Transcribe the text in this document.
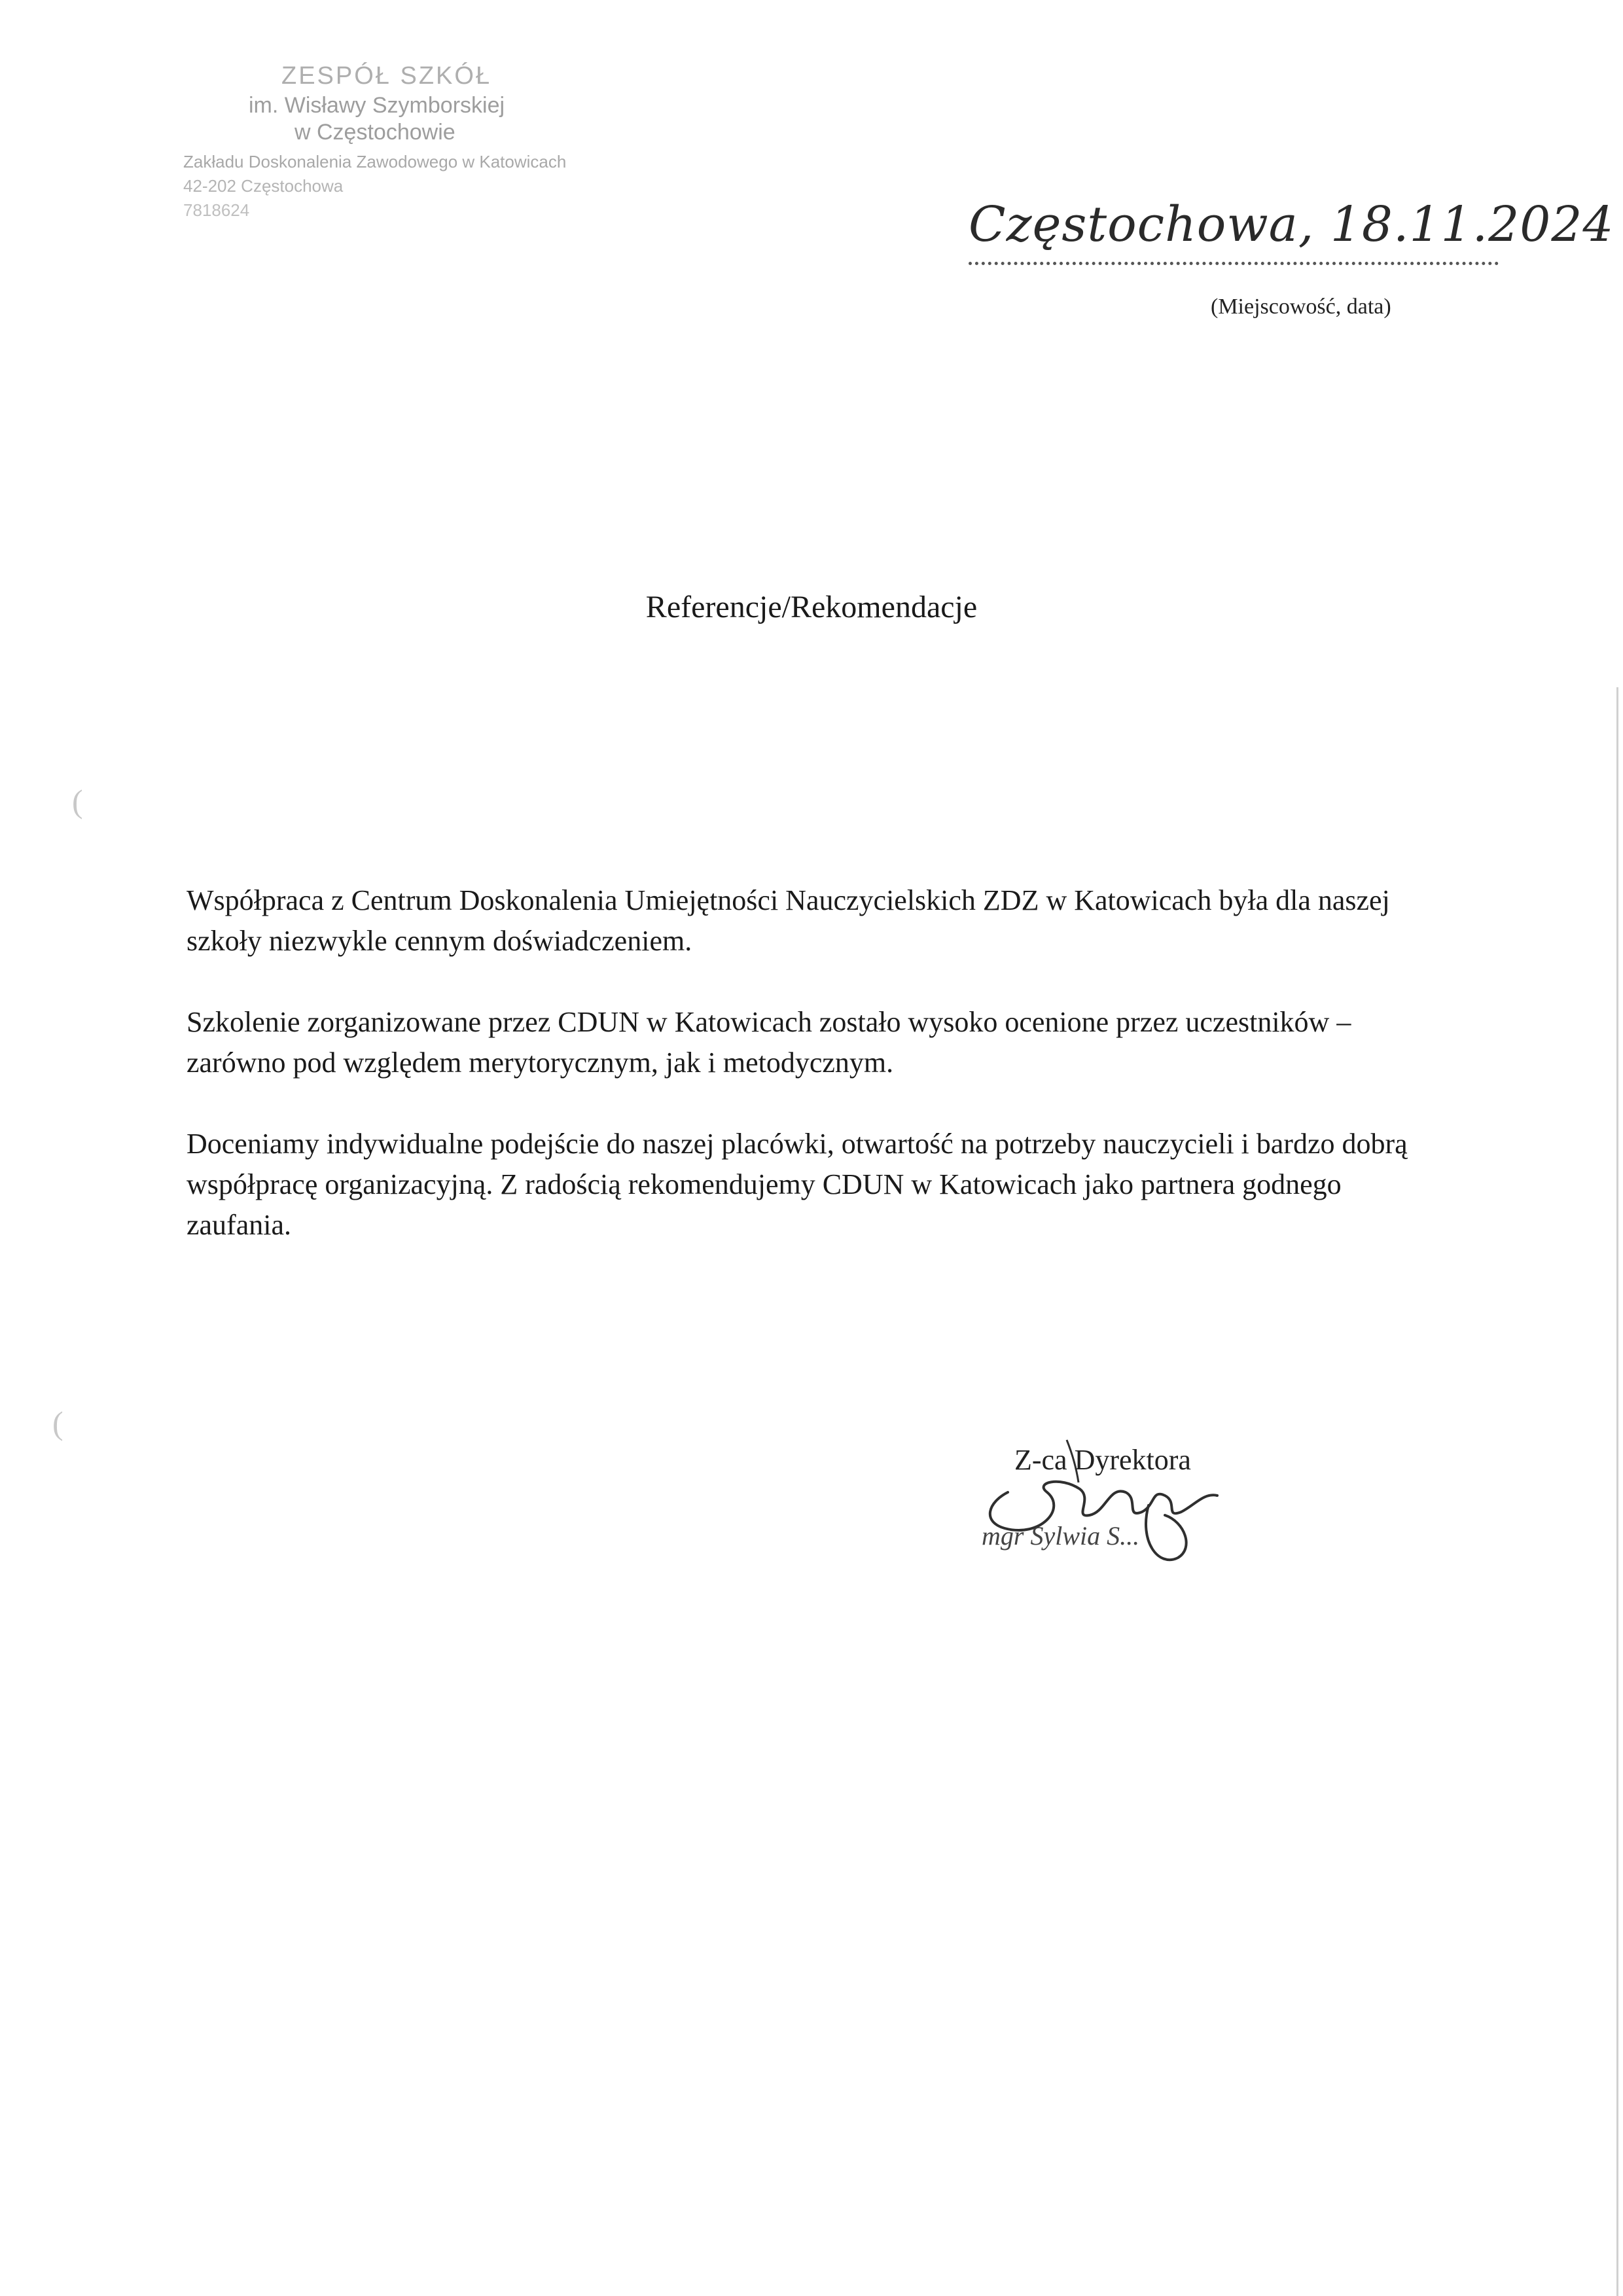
ZESPÓŁ SZKÓŁ
im. Wisławy Szymborskiej
w Częstochowie
Zakładu Doskonalenia Zawodowego w Katowicach
42-202 Częstochowa
7818624	Częstochowa, 18.11.2024
(Miejscowość, data)
Referencje/Rekomendacje

Współpraca z Centrum Doskonalenia Umiejętności Nauczycielskich ZDZ w Katowicach była dla naszej szkoły niezwykle cennym doświadczeniem.

Szkolenie zorganizowane przez CDUN w Katowicach zostało wysoko ocenione przez uczestników – zarówno pod względem merytorycznym, jak i metodycznym.

Doceniamy indywidualne podejście do naszej placówki, otwartość na potrzeby nauczycieli i bardzo dobrą współpracę organizacyjną. Z radością rekomendujemy CDUN w Katowicach jako partnera godnego zaufania.

Z-ca Dyrektora
mgr Sylwia S...
(
(
